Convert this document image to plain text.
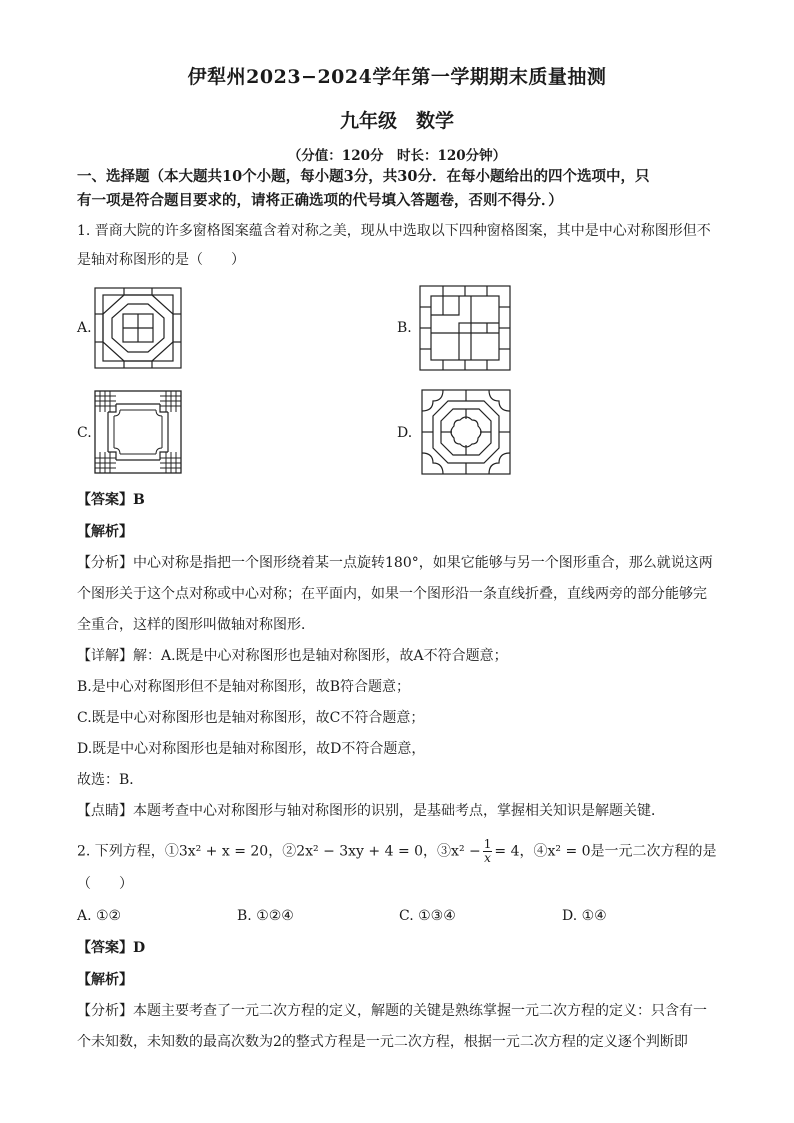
伊犁州2023−2024学年第一学期期末质量抽测
九年级　数学
（分值：120分　时长：120分钟）
一、选择题（本大题共10个小题，每小题3分，共30分．在每小题给出的四个选项中，只
有一项是符合题目要求的，请将正确选项的代号填入答题卷，否则不得分．）
1. 晋商大院的许多窗格图案蕴含着对称之美，现从中选取以下四种窗格图案，其中是中心对称图形但不
是轴对称图形的是（　　）
A.	B.
C.	D.
【答案】B
【解析】
【分析】中心对称是指把一个图形绕着某一点旋转180°，如果它能够与另一个图形重合，那么就说这两
个图形关于这个点对称或中心对称；在平面内，如果一个图形沿一条直线折叠，直线两旁的部分能够完
全重合，这样的图形叫做轴对称图形．
【详解】解：A.既是中心对称图形也是轴对称图形，故A不符合题意；
B.是中心对称图形但不是轴对称图形，故B符合题意；
C.既是中心对称图形也是轴对称图形，故C不符合题意；
D.既是中心对称图形也是轴对称图形，故D不符合题意，
故选：B．
【点睛】本题考查中心对称图形与轴对称图形的识别，是基础考点，掌握相关知识是解题关键．
2. 下列方程，①3x² + x = 20，②2x² − 3xy + 4 = 0，③x² − $\frac{1}{x} = 4$，④x² = 0是一元二次方程的是
（　　）
A. ①②	B. ①②④	C. ①③④	D. ①④
【答案】D
【解析】
【分析】本题主要考查了一元二次方程的定义，解题的关键是熟练掌握一元二次方程的定义：只含有一
个未知数，未知数的最高次数为2的整式方程是一元二次方程，根据一元二次方程的定义逐个判断即
